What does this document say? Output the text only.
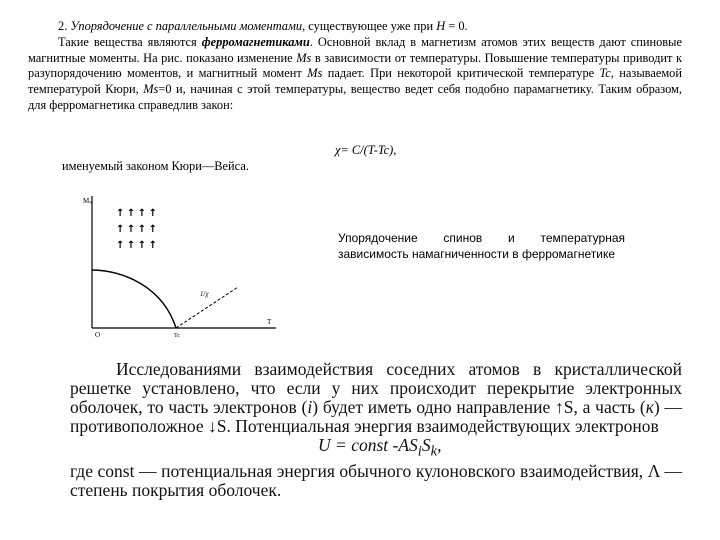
2. Упорядочение с параллельными моментами, существующее уже при H = 0.

Такие вещества являются ферромагнетиками. Основной вклад в магнетизм атомов этих веществ дают спиновые магнитные моменты. На рис. показано изменение Ms в зависимости от температуры. Повышение температуры приводит к разупорядочению моментов, и магнитный момент Ms падает. При некоторой критической температуре Tc, называемой температурой Кюри, Ms=0 и, начиная с этой температуры, вещество ведет себя подобно парамагнетику. Таким образом, для ферромагнетика справедлив закон:

χ= C/(T-Tc),
именуемый законом Кюри—Вейса.
Mₛ
T
O	Tc
1/χ
↑↑↑↑
↑↑↑↑
↑↑↑↑
Упорядочение спинов и температурная зависимость намагниченности в ферромагнетике

Исследованиями взаимодействия соседних атомов в кристаллической решетке установлено, что если у них происходит перекрытие электронных оболочек, то часть электронов (i) будет иметь одно направление ↑S, а часть (к) — противоположное ↓S. Потенциальная энергия взаимодействующих электронов

U = const $-AS_iS_k$,

где const — потенциальная энергия обычного кулоновского взаимодействия, Λ — степень покрытия оболочек.
